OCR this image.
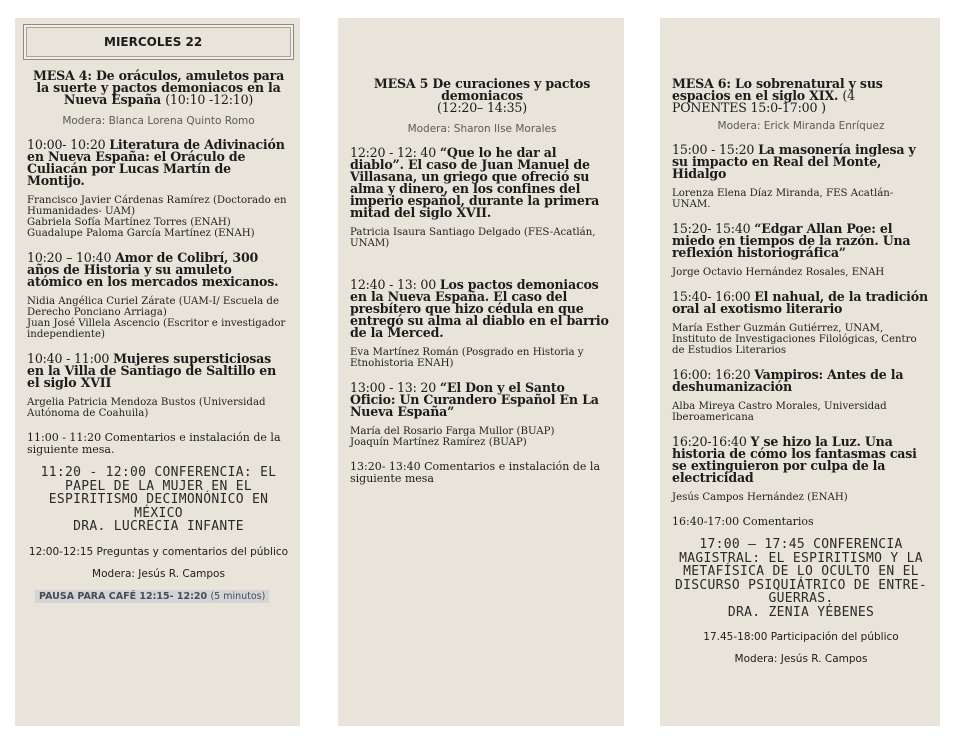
MIERCOLES 22
MESA 4: De oráculos, amuletos para la suerte y pactos demoniacos en la Nueva España (10:10 -12:10)
Modera: Blanca Lorena Quinto Romo
10:00- 10:20 Literatura de Adivinación en Nueva España: el Oráculo de Culiacán por Lucas Martín de Montijo.
Francisco Javier Cárdenas Ramírez (Doctorado en Humanidades- UAM)
Gabriela Sofía Martínez Torres (ENAH)
Guadalupe Paloma García Martínez (ENAH)
10:20 – 10:40 Amor de Colibrí, 300 años de Historia y su amuleto atómico en los mercados mexicanos.
Nidia Angélica Curiel Zárate (UAM-I/ Escuela de Derecho Ponciano Arriaga)
Juan José Villela Ascencio (Escritor e investigador independiente)
10:40 - 11:00 Mujeres supersticiosas en la Villa de Santiago de Saltillo en el siglo XVII
Argelia Patricia Mendoza Bustos (Universidad Autónoma de Coahuila)
11:00 - 11:20 Comentarios e instalación de la siguiente mesa.
11:20 - 12:00 CONFERENCIA: EL PAPEL DE LA MUJER EN EL ESPIRITISMO DECIMONÓNICO EN MÉXICO
DRA. LUCRECIA INFANTE
12:00-12:15 Preguntas y comentarios del público
Modera: Jesús R. Campos
PAUSA PARA CAFÉ 12:15- 12:20 (5 minutos)
MESA 5 De curaciones y pactos demoniacos
(12:20– 14:35)
Modera: Sharon Ilse Morales
12:20 - 12: 40 “Que lo he dar al diablo”. El caso de Juan Manuel de Villasana, un griego que ofreció su alma y dinero, en los confines del imperio español, durante la primera mitad del siglo XVII.
Patricia Isaura Santiago Delgado (FES-Acatlán, UNAM)
12:40 - 13: 00 Los pactos demoniacos en la Nueva España. El caso del presbítero que hizo cédula en que entregó su alma al diablo en el barrio de la Merced.
Eva Martínez Román (Posgrado en Historia y Etnohistoria ENAH)
13:00 - 13: 20 “El Don y el Santo Oficio: Un Curandero Español En La Nueva España”
María del Rosario Farga Mullor (BUAP)
Joaquín Martínez Ramírez (BUAP)
13:20- 13:40 Comentarios e instalación de la siguiente mesa
MESA 6: Lo sobrenatural y sus espacios en el siglo XIX. (4 PONENTES 15:0-17:00 )
Modera: Erick Miranda Enríquez
15:00 - 15:20 La masonería inglesa y su impacto en Real del Monte, Hidalgo
Lorenza Elena Díaz Miranda, FES Acatlán-UNAM.
15:20- 15:40 “Edgar Allan Poe: el miedo en tiempos de la razón. Una reflexión historiográfica”
Jorge Octavio Hernández Rosales, ENAH
15:40- 16:00 El nahual, de la tradición oral al exotismo literario
María Esther Guzmán Gutiérrez, UNAM, Instituto de Investigaciones Filológicas, Centro de Estudios Literarios
16:00: 16:20 Vampiros: Antes de la deshumanización
Alba Mireya Castro Morales, Universidad Iberoamericana
16:20-16:40 Y se hizo la Luz. Una historia de cómo los fantasmas casi se extinguieron por culpa de la electricidad
Jesús Campos Hernández (ENAH)
16:40-17:00 Comentarios
17:00 – 17:45 CONFERENCIA MAGISTRAL: EL ESPIRITISMO Y LA METAFÍSICA DE LO OCULTO EN EL DISCURSO PSIQUIÁTRICO DE ENTRE-GUERRAS.
DRA. ZENIA YÉBENES
17.45-18:00 Participación del público
Modera: Jesús R. Campos
